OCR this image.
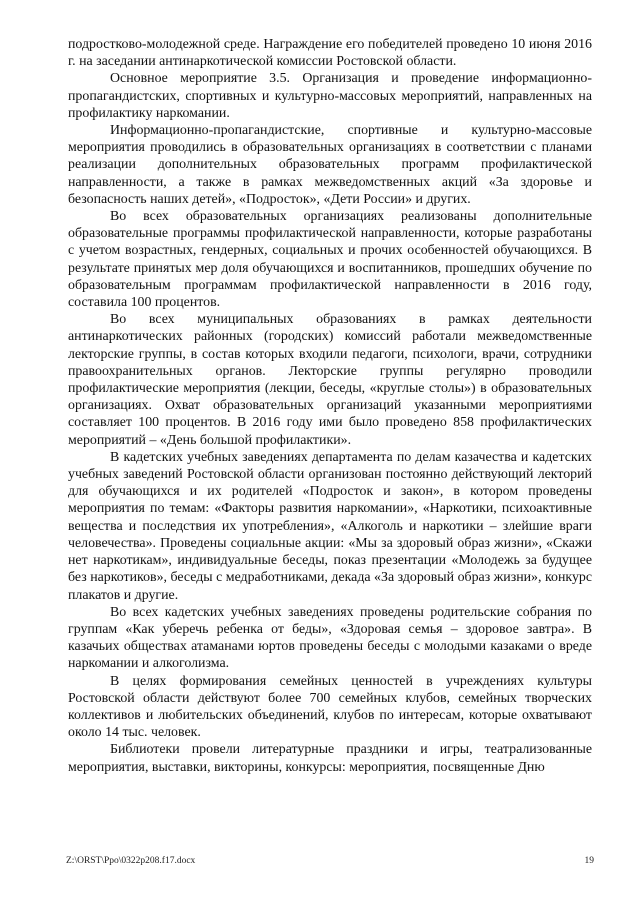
подростково-молодежной среде. Награждение его победителей проведено 10 июня 2016 г. на заседании антинаркотической комиссии Ростовской области.

Основное мероприятие 3.5. Организация и проведение информационно-пропагандистских, спортивных и культурно-массовых мероприятий, направленных на профилактику наркомании.

Информационно-пропагандистские, спортивные и культурно-массовые мероприятия проводились в образовательных организациях в соответствии с планами реализации дополнительных образовательных программ профилактической направленности, а также в рамках межведомственных акций «За здоровье и безопасность наших детей», «Подросток», «Дети России» и других.

Во всех образовательных организациях реализованы дополнительные образовательные программы профилактической направленности, которые разработаны с учетом возрастных, гендерных, социальных и прочих особенностей обучающихся. В результате принятых мер доля обучающихся и воспитанников, прошедших обучение по образовательным программам профилактической направленности в 2016 году, составила 100 процентов.

Во всех муниципальных образованиях в рамках деятельности антинаркотических районных (городских) комиссий работали межведомственные лекторские группы, в состав которых входили педагоги, психологи, врачи, сотрудники правоохранительных органов. Лекторские группы регулярно проводили профилактические мероприятия (лекции, беседы, «круглые столы») в образовательных организациях. Охват образовательных организаций указанными мероприятиями составляет 100 процентов. В 2016 году ими было проведено 858 профилактических мероприятий – «День большой профилактики».

В кадетских учебных заведениях департамента по делам казачества и кадетских учебных заведений Ростовской области организован постоянно действующий лекторий для обучающихся и их родителей «Подросток и закон», в котором проведены мероприятия по темам: «Факторы развития наркомании», «Наркотики, психоактивные вещества и последствия их употребления», «Алкоголь и наркотики – злейшие враги человечества». Проведены социальные акции: «Мы за здоровый образ жизни», «Скажи нет наркотикам», индивидуальные беседы, показ презентации «Молодежь за будущее без наркотиков», беседы с медработниками, декада «За здоровый образ жизни», конкурс плакатов и другие.

Во всех кадетских учебных заведениях проведены родительские собрания по группам «Как уберечь ребенка от беды», «Здоровая семья – здоровое завтра». В казачьих обществах атаманами юртов проведены беседы с молодыми казаками о вреде наркомании и алкоголизма.

В целях формирования семейных ценностей в учреждениях культуры Ростовской области действуют более 700 семейных клубов, семейных творческих коллективов и любительских объединений, клубов по интересам, которые охватывают около 14 тыс. человек.

Библиотеки провели литературные праздники и игры, театрализованные мероприятия, выставки, викторины, конкурсы: мероприятия, посвященные Дню

Z:\ORST\Ppo\0322p208.f17.docx	19
